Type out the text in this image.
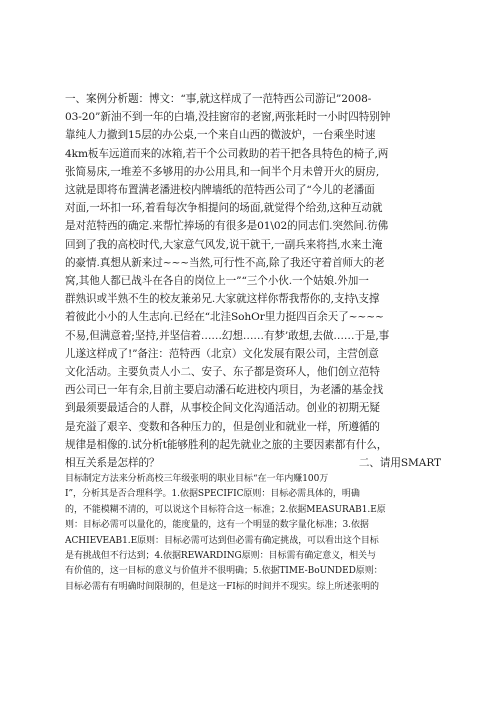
一、案例分析题：博文：“事,就这样成了一范特西公司游记”2008-
03-20”新油不到一年的白墙,没挂窗帘的老窗,两张耗时一小时四特别钟
靠纯人力撤到15层的办公桌,一个来自山西的微波炉，一台乘坐时速
4km板车远道而来的冰箱,若干个公司救助的若干把各具特色的椅子,两
张简易床,一堆差不多够用的办公用具,和一间半个月未曾开火的厨房,
这就是即将布置满老潘进校内牌墙纸的范特西公司了“今儿的老潘面
对面,一坏扣一环,着看每次争相提问的场面,就觉得个给劲,这种互动就
是对范特西的确定.来帮忙捧场的有很多是01\02的同志们.突然间.彷佛
回到了我的高校时代,大家意气风发,说干就干,一副兵来将挡,水来土淹
的豪情.真想从新来过~~~当然,可行性不高,除了我还守着首师大的老
窝,其他人都已战斗在各自的岗位上一”“三个小伙.一个姑娘.外加一
群熟识或半熟不生的校友兼弟兄.大家就这样你帮我帮你的,支持\支撑
着彼此小小的人生志向.已经在“北洼SohOr里力挺四百余天了~~~~
不易,但满意着;坚持,并坚信着……幻想……有梦’敢想,去做……于是,事
儿遂这样成了!”备注：范特西（北京）文化发展有限公司，主营创意
文化活动。主要负责人小二、安子、东子都是资环人，他们创立范特
西公司已一年有余,目前主要启动潘石屹进校内项目，为老潘的基金找
到最须要最适合的人群，从事校企间文化沟通活动。创业的初期无疑
是充溢了艰辛、变数和各种压力的，但是创业和就业一样，所遵循的
规律是相像的.试分析t能够胜利的起先就业之旅的主要因素都有什么，
相互关系是怎样的？	二、请用SMART
目标制定方法来分析高校三年级张明的职业目标“在一年内赚100万
I”，分析其是否合理科学。1.依据SPECIFIC原则：目标必需具体的，明确
的，不能模糊不清的，可以说这个目标符合这一标准；2.依据MEASURAB1.E原
则：目标必需可以量化的，能度量的，这有一个明显的数字量化标准；3.依据
ACHIEVEAB1.E原则：目标必需可达到但必需有确定挑战，可以看出这个目标
是有挑战但不行达到；4.依据REWARDING原则：目标需有确定意义，相关与
有价值的，这一目标的意义与价值并不很明确；5.依据TIME-BoUNDED原则：
目标必需有有明确时间限制的，但是这一FI标的时间并不现实。综上所述张明的
